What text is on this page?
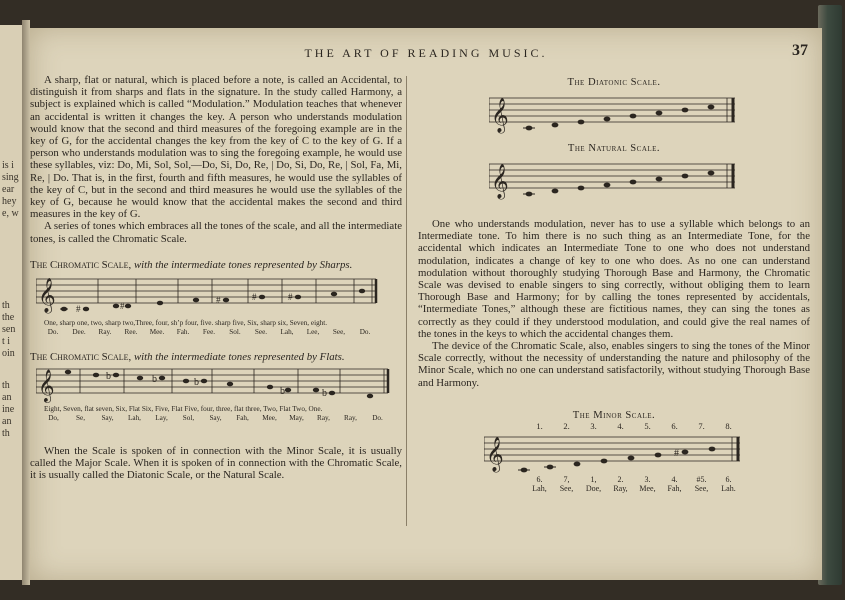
is i
sing
ear
hey
e, w
th
the
sen
t i
oin
th
an
ine
an
th
THE ART OF READING MUSIC.	37

A sharp, flat or natural, which is placed before a note, is called an Accidental, to distinguish it from sharps and flats in the signature. In the study called Harmony, a subject is explained which is called “Modulation.” Modulation teaches that whenever an accidental is written it changes the key. A person who understands modulation would know that the second and third measures of the foregoing example are in the key of G, for the accidental changes the key from the key of C to the key of G. If a person who understands modulation was to sing the foregoing example, he would use these syllables, viz: Do, Mi, Sol, Sol,—Do, Si, Do, Re, | Do, Si, Do, Re, | Sol, Fa, Mi, Re, | Do. That is, in the first, fourth and fifth measures, he would use the syllables of the key of C, but in the second and third measures he would use the syllables of the key of G, because he would know that the accidental makes the second and third measures in the key of G.

A series of tones which embraces all the tones of the scale, and all the intermediate tones, is called the Chromatic Scale.

The Chromatic Scale, with the intermediate tones represented by Sharps.
𝄞 #	#
#	#	#
One, sharp one, two, sharp two,Three, four, sh’p four, five. sharp five, Six, sharp six, Seven, eight.
Do.	Dee.	Ray.	Ree.	Mee.	Fah.	Fee.	Sol.	See.	Lah,	Lee,	See,	Do.
The Chromatic Scale, with the intermediate tones represented by Flats.
𝄞	b	b	b
b	b
Eight, Seven, flat seven, Six, Flat Six, Five, Flat Five, four, three, flat three, Two, Flat Two, One.
Do,	Se,	Say,	Lah,	Lay,	Sol,	Say,	Fah,	Mee,	May,	Ray,	Ray,	Do.

When the Scale is spoken of in connection with the Minor Scale, it is usually called the Major Scale. When it is spoken of in connection with the Chromatic Scale, it is usually called the Diatonic Scale, or the Natural Scale.

The Diatonic Scale.
𝄞
The Natural Scale.
𝄞

One who understands modulation, never has to use a syllable which belongs to an Intermediate tone. To him there is no such thing as an Intermediate Tone, for the accidental which indicates an Intermediate Tone to one who does not understand modulation, indicates a change of key to one who does. As no one can understand modulation without thoroughly studying Thorough Base and Harmony, the Chromatic Scale was devised to enable singers to sing correctly, without obliging them to learn Thorough Base and Harmony; for by calling the tones represented by accidentals, “Intermediate Tones,” although these are fictitious names, they can sing the tones as correctly as they could if they understood modulation, and could give the real names of the tones in the keys to which the accidental changes them.

The device of the Chromatic Scale, also, enables singers to sing the tones of the Minor Scale correctly, without the necessity of understanding the nature and philosophy of the Minor Scale, which no one can understand satisfactorily, without studying Thorough Base and Harmony.

The Minor Scale.
1.	2.	3.	4.	5.	6.	7.	8.
𝄞	#
6.	7,	1,	2.	3.	4.	#5.	6.
Lah,	See,	Doe,	Ray,	Mee,	Fah,	See,	Lah.
